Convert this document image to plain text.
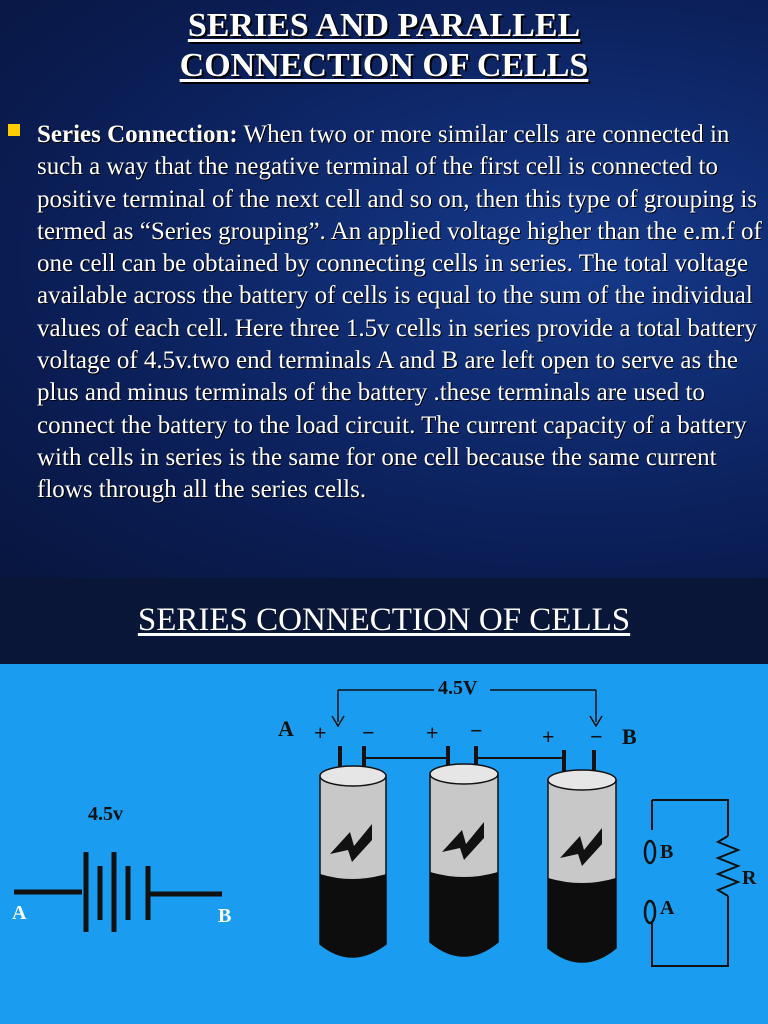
SERIES AND PARALLEL
CONNECTION OF CELLS
Series Connection: When two or more similar cells are connected in such a way that the negative terminal of the first cell is connected to positive terminal of the next cell and so on, then this type of grouping is termed as “Series grouping”. An applied voltage higher than the e.m.f of one cell can be obtained by connecting cells in series. The total voltage available across the battery of cells is equal to the sum of the individual values of each cell. Here three 1.5v cells in series provide a total battery voltage of 4.5v.two end terminals A and B are left open to serve as the plus and minus terminals of the battery .these terminals are used to connect the battery to the load circuit. The current capacity of a battery with cells in series is the same for one cell because the same current flows through all the series cells.
SERIES CONNECTION OF CELLS
4.5v
A	B
4.5V
A	B
+ − + −	+ −
B
A
R
